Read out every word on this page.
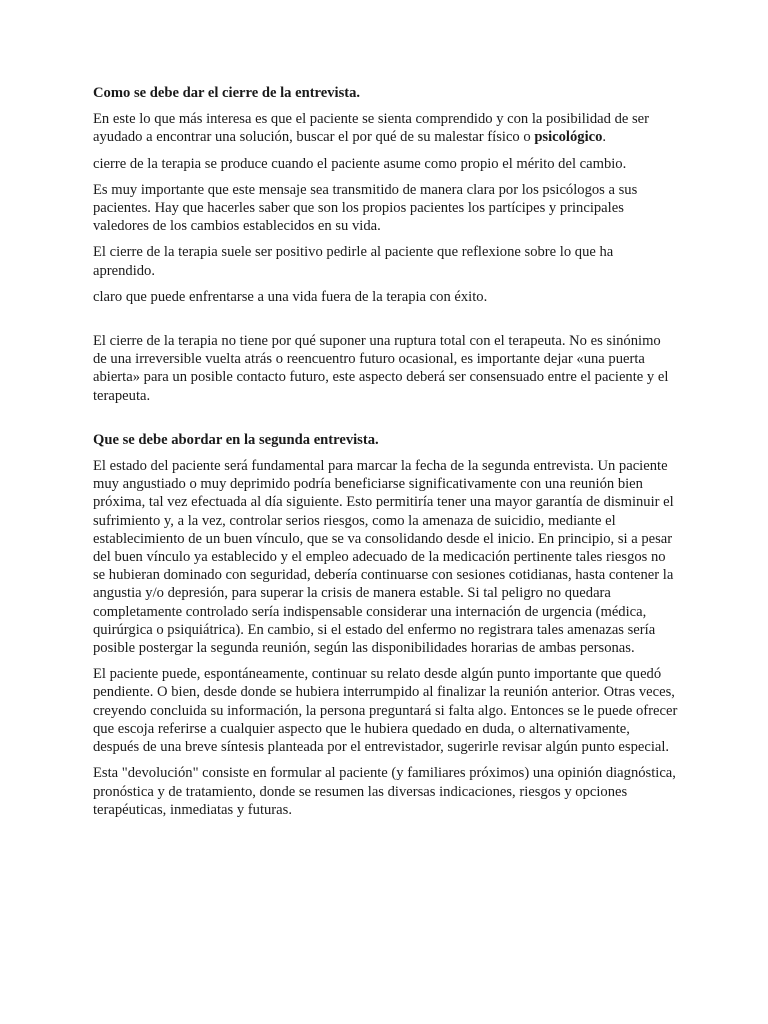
Como se debe dar el cierre de la entrevista.

En este lo que más interesa es que el paciente se sienta comprendido y con la posibilidad de ser ayudado a encontrar una solución, buscar el por qué de su malestar físico o psicológico.

cierre de la terapia se produce cuando el paciente asume como propio el mérito del cambio.

Es muy importante que este mensaje sea transmitido de manera clara por los psicólogos a sus pacientes. Hay que hacerles saber que son los propios pacientes los partícipes y principales valedores de los cambios establecidos en su vida.

El cierre de la terapia suele ser positivo pedirle al paciente que reflexione sobre lo que ha aprendido.

claro que puede enfrentarse a una vida fuera de la terapia con éxito.

El cierre de la terapia no tiene por qué suponer una ruptura total con el terapeuta. No es sinónimo de una irreversible vuelta atrás o reencuentro futuro ocasional, es importante dejar «una puerta abierta» para un posible contacto futuro, este aspecto deberá ser consensuado entre el paciente y el terapeuta.

Que se debe abordar en la segunda entrevista.

El estado del paciente será fundamental para marcar la fecha de la segunda entrevista. Un paciente muy angustiado o muy deprimido podría beneficiarse significativamente con una reunión bien próxima, tal vez efectuada al día siguiente. Esto permitiría tener una mayor garantía de disminuir el sufrimiento y, a la vez, controlar serios riesgos, como la amenaza de suicidio, mediante el establecimiento de un buen vínculo, que se va consolidando desde el inicio. En principio, si a pesar del buen vínculo ya establecido y el empleo adecuado de la medicación pertinente tales riesgos no se hubieran dominado con seguridad, debería continuarse con sesiones cotidianas, hasta contener la angustia y/o depresión, para superar la crisis de manera estable. Si tal peligro no quedara completamente controlado sería indispensable considerar una internación de urgencia (médica, quirúrgica o psiquiátrica). En cambio, si el estado del enfermo no registrara tales amenazas sería posible postergar la segunda reunión, según las disponibilidades horarias de ambas personas.

El paciente puede, espontáneamente, continuar su relato desde algún punto importante que quedó pendiente. O bien, desde donde se hubiera interrumpido al finalizar la reunión anterior. Otras veces, creyendo concluida su información, la persona preguntará si falta algo. Entonces se le puede ofrecer que escoja referirse a cualquier aspecto que le hubiera quedado en duda, o alternativamente, después de una breve síntesis planteada por el entrevistador, sugerirle revisar algún punto especial.

Esta "devolución" consiste en formular al paciente (y familiares próximos) una opinión diagnóstica, pronóstica y de tratamiento, donde se resumen las diversas indicaciones, riesgos y opciones terapéuticas, inmediatas y futuras.
